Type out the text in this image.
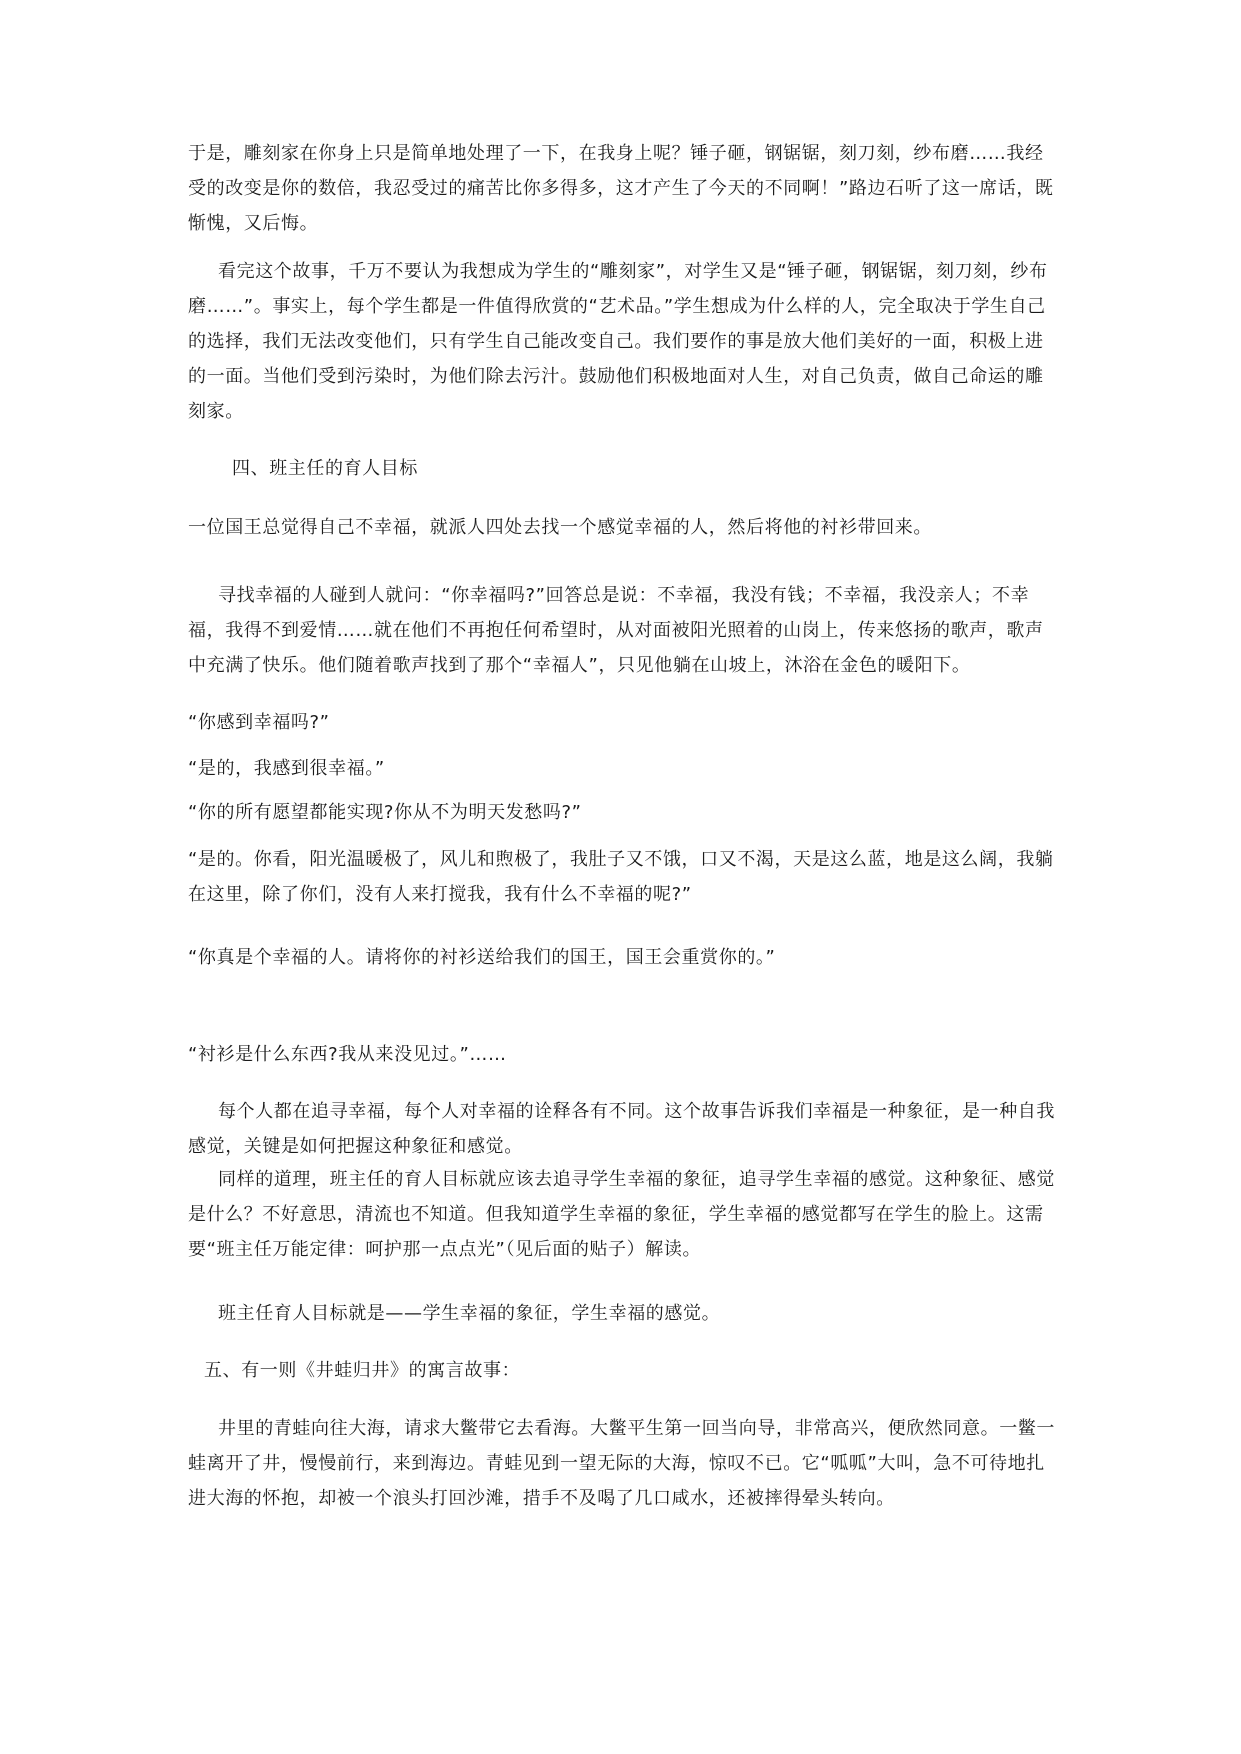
于是，雕刻家在你身上只是简单地处理了一下，在我身上呢？锤子砸，钢锯锯，刻刀刻，纱布磨……我经受的改变是你的数倍，我忍受过的痛苦比你多得多，这才产生了今天的不同啊！”路边石听了这一席话，既惭愧，又后悔。

看完这个故事，千万不要认为我想成为学生的“雕刻家”，对学生又是“锤子砸，钢锯锯，刻刀刻，纱布磨……”。事实上，每个学生都是一件值得欣赏的“艺术品。”学生想成为什么样的人，完全取决于学生自己的选择，我们无法改变他们，只有学生自己能改变自己。我们要作的事是放大他们美好的一面，积极上进的一面。当他们受到污染时，为他们除去污汁。鼓励他们积极地面对人生，对自己负责，做自己命运的雕刻家。

四、班主任的育人目标

一位国王总觉得自己不幸福，就派人四处去找一个感觉幸福的人，然后将他的衬衫带回来。

寻找幸福的人碰到人就问：“你幸福吗?”回答总是说：不幸福，我没有钱；不幸福，我没亲人；不幸福，我得不到爱情……就在他们不再抱任何希望时，从对面被阳光照着的山岗上，传来悠扬的歌声，歌声中充满了快乐。他们随着歌声找到了那个“幸福人”，只见他躺在山坡上，沐浴在金色的暖阳下。

“你感到幸福吗?”

“是的，我感到很幸福。”

“你的所有愿望都能实现?你从不为明天发愁吗?”

“是的。你看，阳光温暖极了，风儿和煦极了，我肚子又不饿，口又不渴，天是这么蓝，地是这么阔，我躺在这里，除了你们，没有人来打搅我，我有什么不幸福的呢?”

“你真是个幸福的人。请将你的衬衫送给我们的国王，国王会重赏你的。”

“衬衫是什么东西?我从来没见过。”……

每个人都在追寻幸福，每个人对幸福的诠释各有不同。这个故事告诉我们幸福是一种象征，是一种自我感觉，关键是如何把握这种象征和感觉。

同样的道理，班主任的育人目标就应该去追寻学生幸福的象征，追寻学生幸福的感觉。这种象征、感觉是什么？不好意思，清流也不知道。但我知道学生幸福的象征，学生幸福的感觉都写在学生的脸上。这需要“班主任万能定律：呵护那一点点光”（见后面的贴子）解读。

班主任育人目标就是——学生幸福的象征，学生幸福的感觉。

五、有一则《井蛙归井》的寓言故事：

井里的青蛙向往大海，请求大鳖带它去看海。大鳖平生第一回当向导，非常高兴，便欣然同意。一鳖一蛙离开了井，慢慢前行，来到海边。青蛙见到一望无际的大海，惊叹不已。它“呱呱”大叫，急不可待地扎进大海的怀抱，却被一个浪头打回沙滩，措手不及喝了几口咸水，还被摔得晕头转向。
